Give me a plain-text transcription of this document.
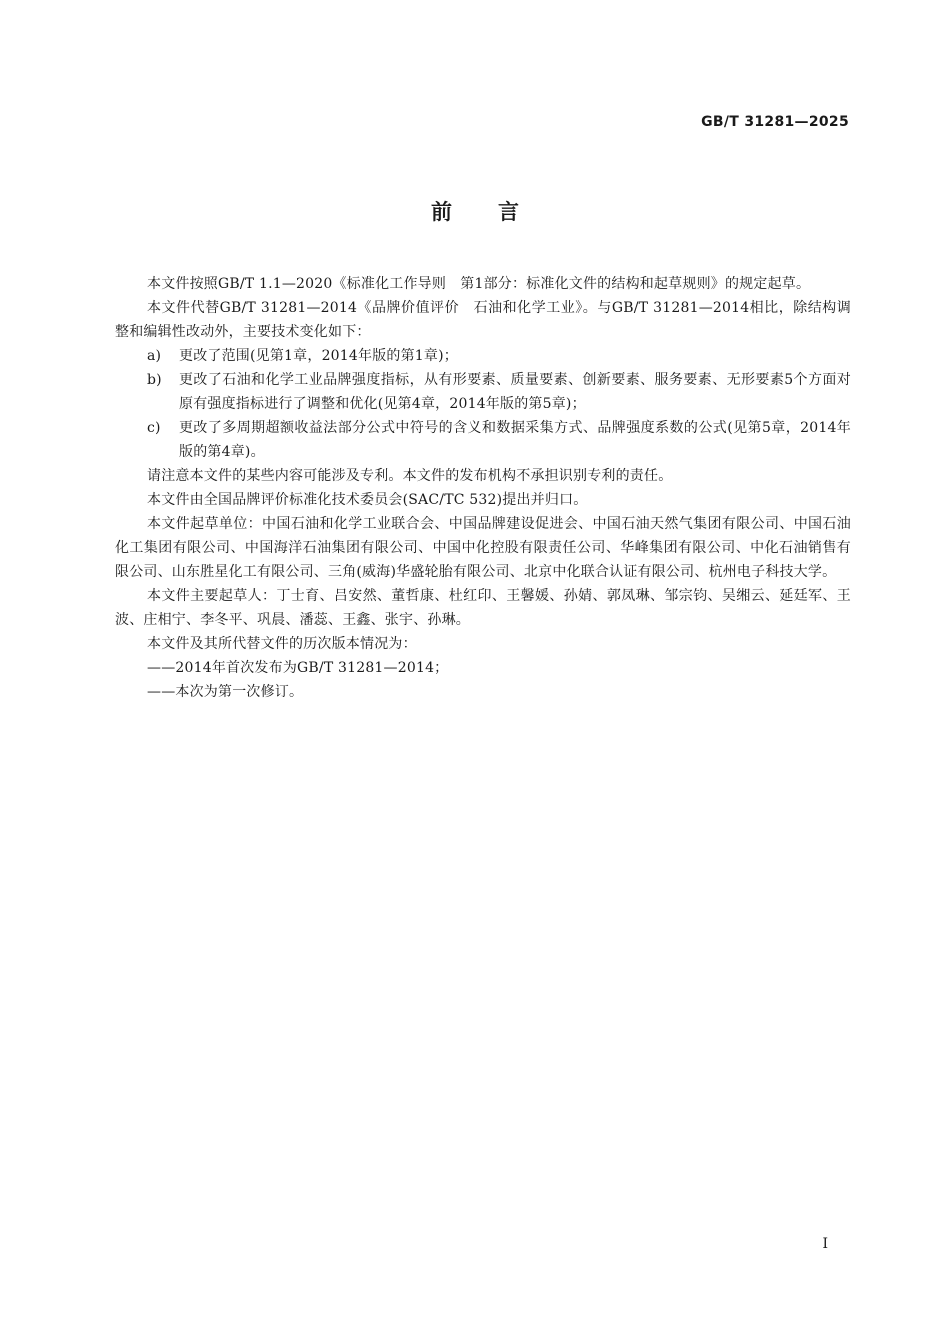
GB/T 31281—2025
前言

本文件按照GB/T 1.1—2020《标准化工作导则　第1部分：标准化文件的结构和起草规则》的规定起草。

本文件代替GB/T 31281—2014《品牌价值评价　石油和化学工业》。与GB/T 31281—2014相比，除结构调整和编辑性改动外，主要技术变化如下：

a)	更改了范围(见第1章，2014年版的第1章)；
b)	更改了石油和化学工业品牌强度指标，从有形要素、质量要素、创新要素、服务要素、无形要素5个方面对原有强度指标进行了调整和优化(见第4章，2014年版的第5章)；
c)	更改了多周期超额收益法部分公式中符号的含义和数据采集方式、品牌强度系数的公式(见第5章，2014年版的第4章)。

请注意本文件的某些内容可能涉及专利。本文件的发布机构不承担识别专利的责任。

本文件由全国品牌评价标准化技术委员会(SAC/TC 532)提出并归口。

本文件起草单位：中国石油和化学工业联合会、中国品牌建设促进会、中国石油天然气集团有限公司、中国石油化工集团有限公司、中国海洋石油集团有限公司、中国中化控股有限责任公司、华峰集团有限公司、中化石油销售有限公司、山东胜星化工有限公司、三角(威海)华盛轮胎有限公司、北京中化联合认证有限公司、杭州电子科技大学。

本文件主要起草人：丁士育、吕安然、董哲康、杜红印、王馨媛、孙婧、郭凤琳、邹宗钧、吴缃云、延廷军、王波、庄相宁、李冬平、巩晨、潘蕊、王鑫、张宇、孙琳。

本文件及其所代替文件的历次版本情况为：

——2014年首次发布为GB/T 31281—2014；

——本次为第一次修订。

I
